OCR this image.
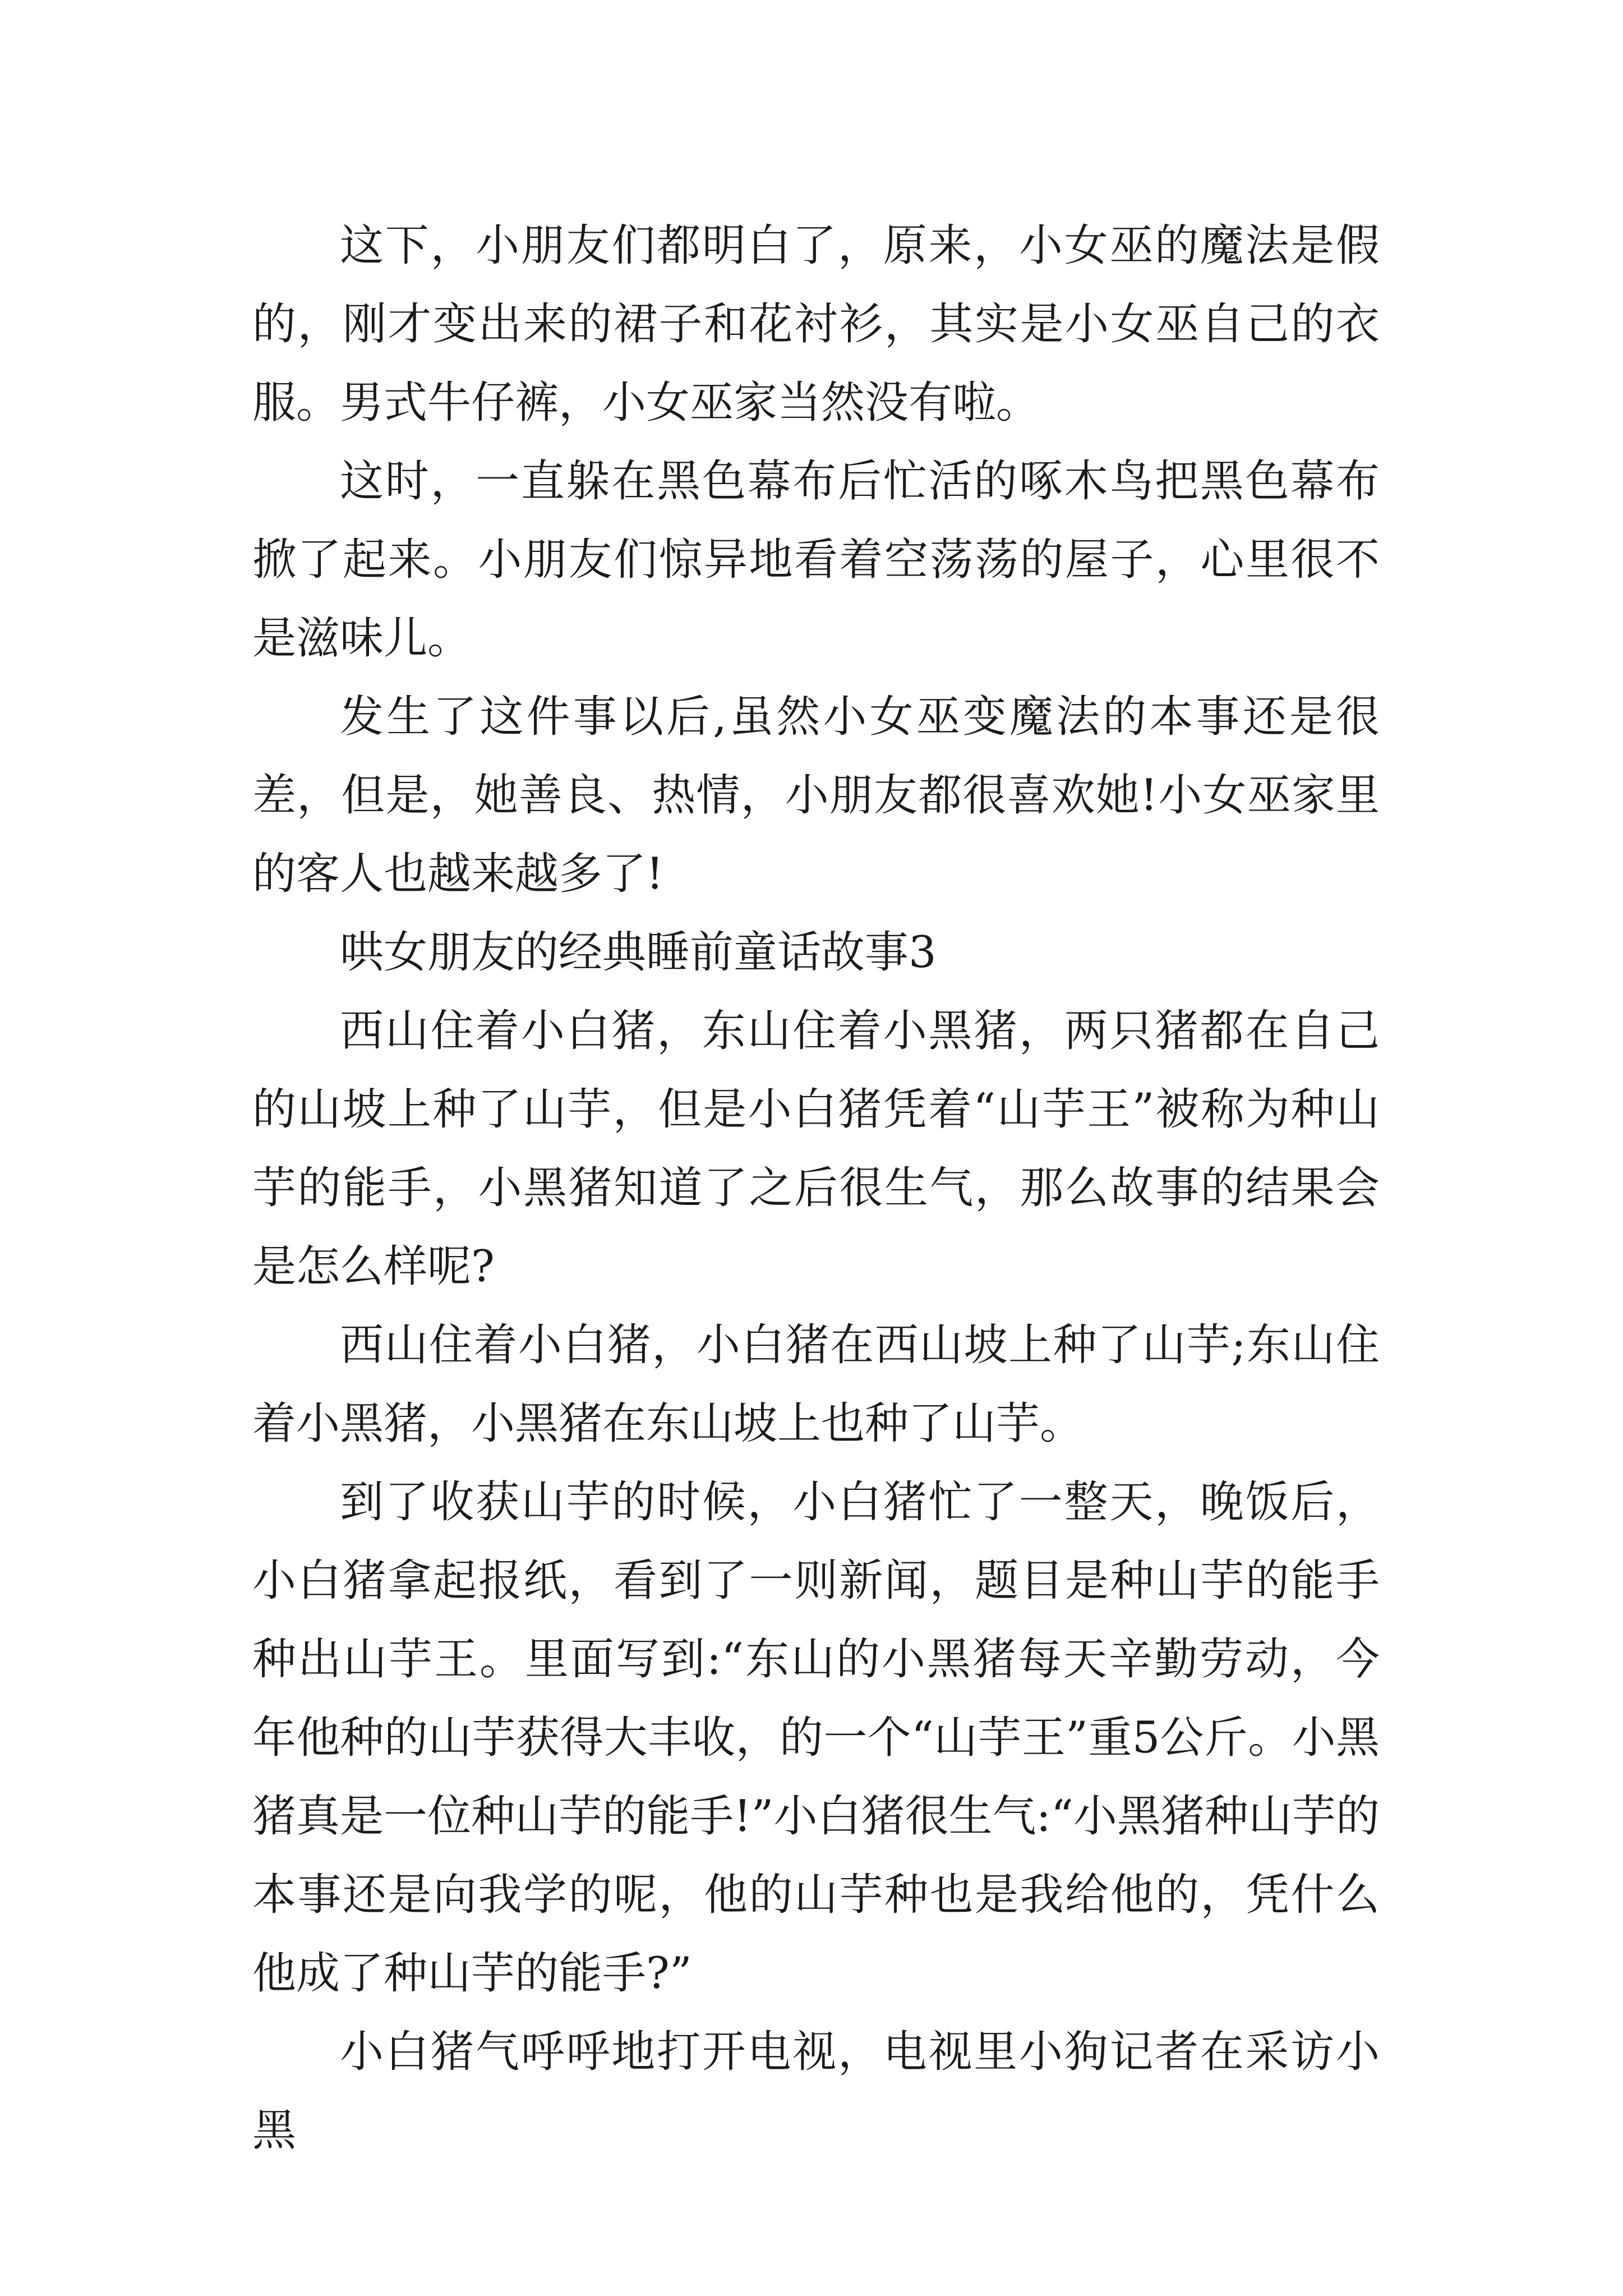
这下，小朋友们都明白了，原来，小女巫的魔法是假的，刚才变出来的裙子和花衬衫，其实是小女巫自己的衣服。男式牛仔裤，小女巫家当然没有啦。

这时，一直躲在黑色幕布后忙活的啄木鸟把黑色幕布掀了起来。小朋友们惊异地看着空荡荡的屋子，心里很不是滋味儿。

发生了这件事以后,虽然小女巫变魔法的本事还是很差，但是，她善良、热情，小朋友都很喜欢她!小女巫家里的客人也越来越多了!

哄女朋友的经典睡前童话故事3

西山住着小白猪，东山住着小黑猪，两只猪都在自己的山坡上种了山芋，但是小白猪凭着“山芋王”被称为种山芋的能手，小黑猪知道了之后很生气，那么故事的结果会是怎么样呢?

西山住着小白猪，小白猪在西山坡上种了山芋;东山住着小黑猪，小黑猪在东山坡上也种了山芋。

到了收获山芋的时候，小白猪忙了一整天，晚饭后，小白猪拿起报纸，看到了一则新闻，题目是种山芋的能手种出山芋王。里面写到:“东山的小黑猪每天辛勤劳动，今年他种的山芋获得大丰收，的一个“山芋王”重5公斤。小黑猪真是一位种山芋的能手!”小白猪很生气:“小黑猪种山芋的本事还是向我学的呢，他的山芋种也是我给他的，凭什么他成了种山芋的能手?”

小白猪气呼呼地打开电视，电视里小狗记者在采访小黑
